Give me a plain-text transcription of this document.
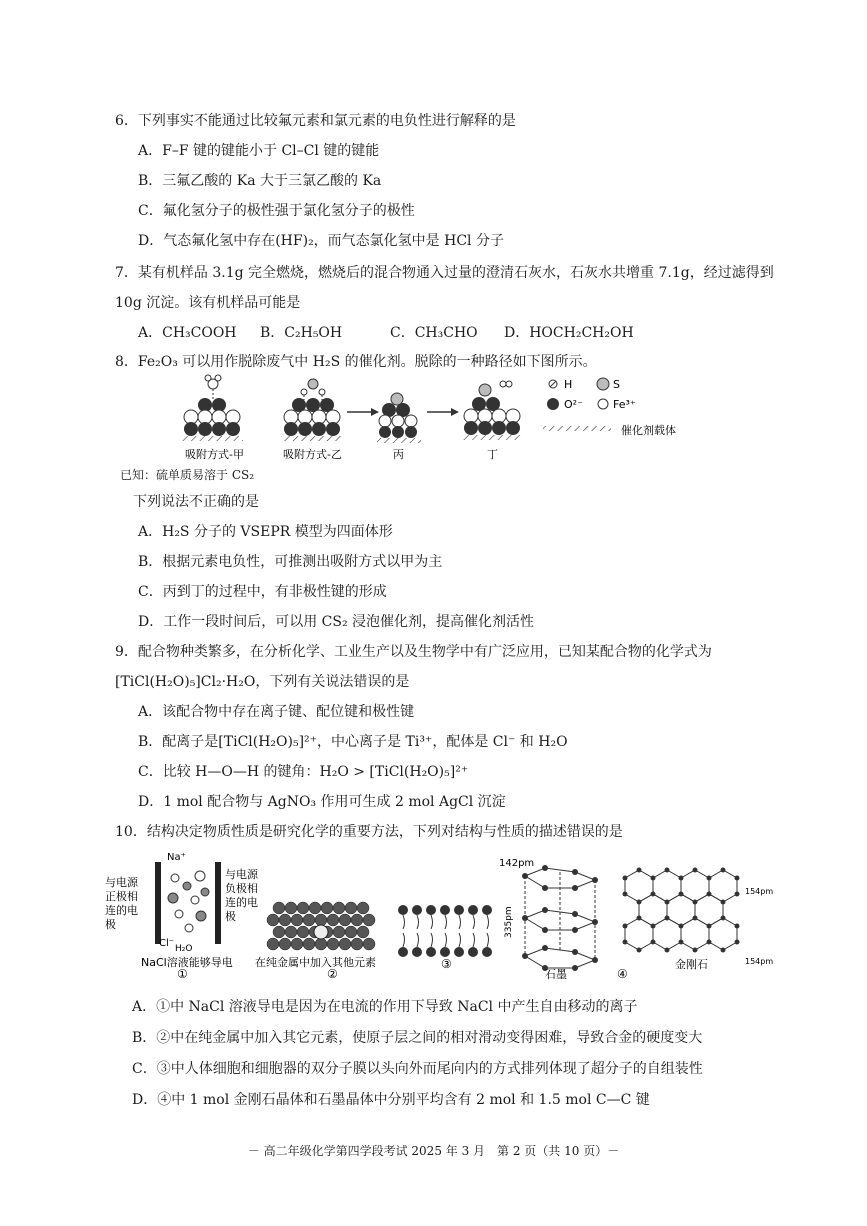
6．下列事实不能通过比较氟元素和氯元素的电负性进行解释的是
A．F–F 键的键能小于 Cl–Cl 键的键能
B．三氟乙酸的 Ka 大于三氯乙酸的 Ka
C．氟化氢分子的极性强于氯化氢分子的极性
D．气态氟化氢中存在(HF)₂，而气态氯化氢中是 HCl 分子
7．某有机样品 3.1g 完全燃烧，燃烧后的混合物通入过量的澄清石灰水，石灰水共增重 7.1g，经过滤得到
10g 沉淀。该有机样品可能是
A．CH₃COOH B．C₂H₅OH	C．CH₃CHO D．HOCH₂CH₂OH
8．Fe₂O₃ 可以用作脱除废气中 H₂S 的催化剂。脱除的一种路径如下图所示。
H	S
O²⁻	Fe³⁺
催化剂载体
吸附方式-甲	吸附方式-乙	丙	丁
已知：硫单质易溶于 CS₂
下列说法不正确的是
A．H₂S 分子的 VSEPR 模型为四面体形
B．根据元素电负性，可推测出吸附方式以甲为主
C．丙到丁的过程中，有非极性键的形成
D．工作一段时间后，可以用 CS₂ 浸泡催化剂，提高催化剂活性
9．配合物种类繁多，在分析化学、工业生产以及生物学中有广泛应用，已知某配合物的化学式为
[TiCl(H₂O)₅]Cl₂·H₂O，下列有关说法错误的是
A．该配合物中存在离子键、配位键和极性键
B．配离子是[TiCl(H₂O)₅]²⁺，中心离子是 Ti³⁺，配体是 Cl⁻ 和 H₂O
C．比较 H—O—H 的键角：H₂O > [TiCl(H₂O)₅]²⁺
D．1 mol 配合物与 AgNO₃ 作用可生成 2 mol AgCl 沉淀
10．结构决定物质性质是研究化学的重要方法，下列对结构与性质的描述错误的是
与电源
正极相
连的电
极
Na⁺
Cl⁻ H₂O
与电源
负极相
连的电
极
NaCl溶液能够导电
①
在纯金属中加入其他元素
②
③
142pm
335pm
石墨	④
154pm
154pm
金刚石
A．①中 NaCl 溶液导电是因为在电流的作用下导致 NaCl 中产生自由移动的离子
B．②中在纯金属中加入其它元素，使原子层之间的相对滑动变得困难，导致合金的硬度变大
C．③中人体细胞和细胞器的双分子膜以头向外而尾向内的方式排列体现了超分子的自组装性
D．④中 1 mol 金刚石晶体和石墨晶体中分别平均含有 2 mol 和 1.5 mol C—C 键
－ 高二年级化学第四学段考试 2025 年 3 月　第 2 页（共 10 页）－
